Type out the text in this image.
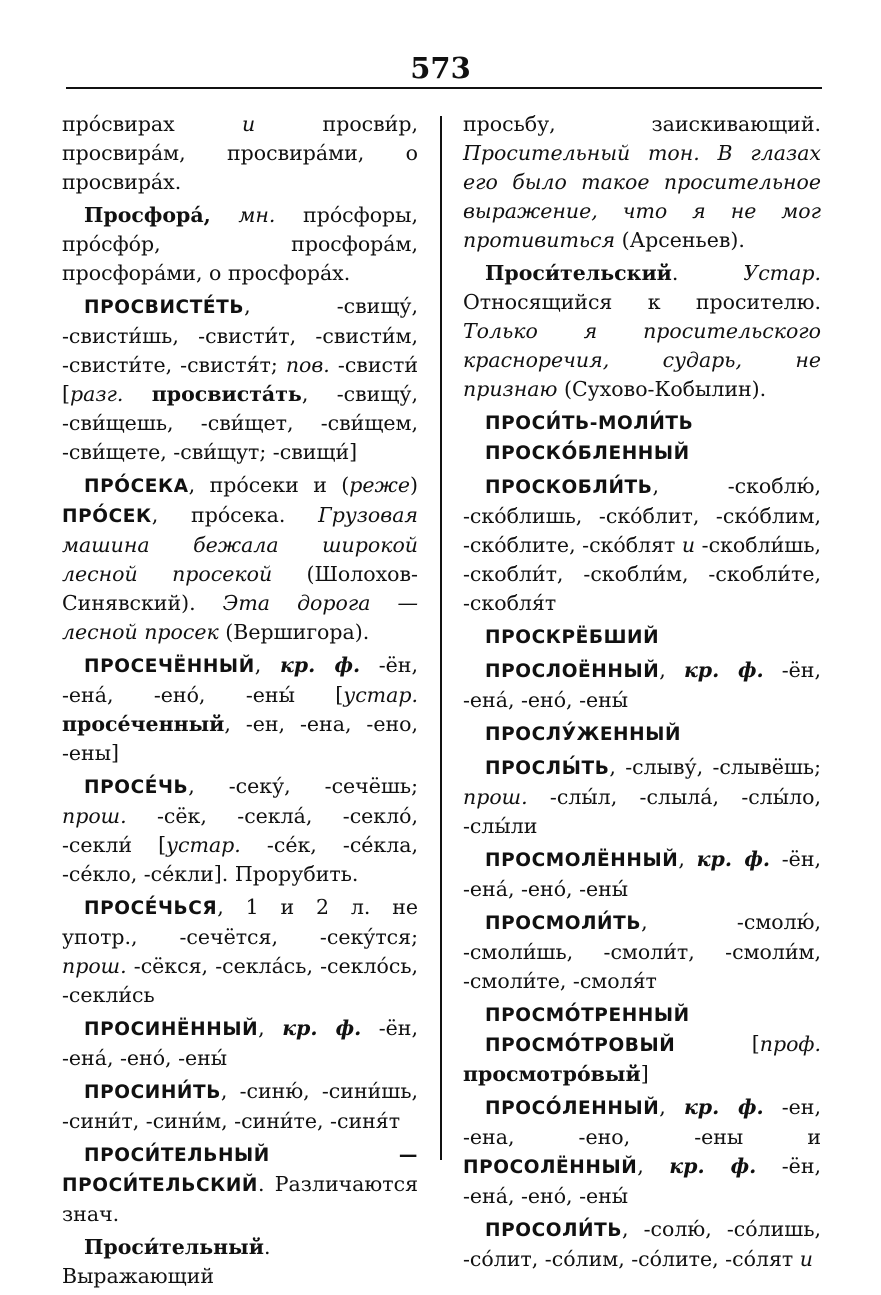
573

про́свирах и просви́р, просвира́м, просвира́ми, о просвира́х.

Просфора́, мн. про́сфоры, про́сфо́р, просфора́м, просфора́ми, о просфора́х.

ПРОСВИСТЕ́ТЬ, -свищу́, -свисти́шь, -свисти́т, -свисти́м, -свисти́те, -свистя́т; пов. -свисти́ [разг. просвиста́ть, -свищу́, -сви́щешь, -сви́щет, -сви́щем, -сви́щете, -сви́щут; -свищи́]

ПРО́СЕКА, про́секи и (реже) ПРО́СЕК, про́сека. Грузовая машина бежала широкой лесной просекой (Шолохов-Синявский). Эта дорога — лесной просек (Вершигора).

ПРОСЕЧЁННЫЙ, кр. ф. -ён, -ена́, -ено́, -ены́ [устар. просе́ченный, -ен, -ена, -ено, -ены]

ПРОСЕ́ЧЬ, -секу́, -сечёшь; прош. -сёк, -секла́, -секло́, -секли́ [устар. -се́к, -се́кла, -се́кло, -се́кли]. Прорубить.

ПРОСЕ́ЧЬСЯ, 1 и 2 л. не употр., -сечётся, -секу́тся; прош. -сёкся, -секла́сь, -секло́сь, -секли́сь

ПРОСИНЁННЫЙ, кр. ф. -ён, -ена́, -ено́, -ены́

ПРОСИНИ́ТЬ, -синю́, -сини́шь, -сини́т, -сини́м, -сини́те, -синя́т

ПРОСИ́ТЕЛЬНЫЙ — ПРОСИ́ТЕЛЬСКИЙ. Различаются знач.

Проси́тельный. Выражающий

просьбу, заискивающий. Просительный тон. В глазах его было такое просительное выражение, что я не мог противиться (Арсеньев).

Проси́тельский. Устар. Относящийся к просителю. Только я просительского красноречия, сударь, не признаю (Сухово-Кобылин).

ПРОСИ́ТЬ-МОЛИ́ТЬ

ПРОСКО́БЛЕННЫЙ

ПРОСКОБЛИ́ТЬ, -скоблю́, -ско́блишь, -ско́блит, -ско́блим, -ско́блите, -ско́блят и -скобли́шь, -скобли́т, -скобли́м, -скобли́те, -скобля́т

ПРОСКРЁБШИЙ

ПРОСЛОЁННЫЙ, кр. ф. -ён, -ена́, -ено́, -ены́

ПРОСЛУ́ЖЕННЫЙ

ПРОСЛЫ́ТЬ, -слыву́, -слывёшь; прош. -слы́л, -слыла́, -слы́ло, -слы́ли

ПРОСМОЛЁННЫЙ, кр. ф. -ён, -ена́, -ено́, -ены́

ПРОСМОЛИ́ТЬ, -смолю́, -смоли́шь, -смоли́т, -смоли́м, -смоли́те, -смоля́т

ПРОСМО́ТРЕННЫЙ

ПРОСМО́ТРОВЫЙ [проф. просмотро́вый]

ПРОСО́ЛЕННЫЙ, кр. ф. -ен, -ена, -ено, -ены и ПРОСОЛЁННЫЙ, кр. ф. -ён, -ена́, -ено́, -ены́

ПРОСОЛИ́ТЬ, -солю́, -со́лишь, -со́лит, -со́лим, -со́лите, -со́лят и
